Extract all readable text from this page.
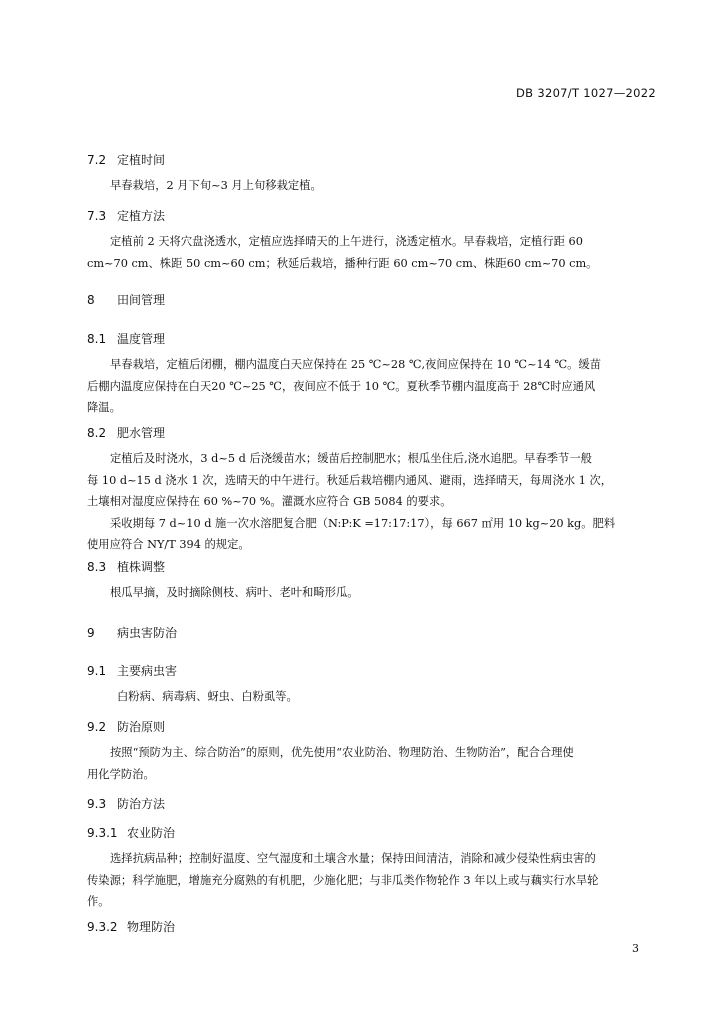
DB 3207/T 1027—2022
7.2 定植时间
早春栽培，2 月下旬~3 月上旬移栽定植。
7.3 定植方法
定植前 2 天将穴盘浇透水，定植应选择晴天的上午进行，浇透定植水。早春栽培，定植行距 60
cm~70 cm、株距 50 cm~60 cm；秋延后栽培，播种行距 60 cm~70 cm、株距60 cm~70 cm。
8 田间管理
8.1 温度管理
早春栽培，定植后闭棚，棚内温度白天应保持在 25 ℃~28 ℃,夜间应保持在 10 ℃~14 ℃。缓苗
后棚内温度应保持在白天20 ℃~25 ℃，夜间应不低于 10 ℃。夏秋季节棚内温度高于 28℃时应通风
降温。
8.2 肥水管理
定植后及时浇水，3 d~5 d 后浇缓苗水；缓苗后控制肥水；根瓜坐住后,浇水追肥。早春季节一般
每 10 d~15 d 浇水 1 次，选晴天的中午进行。秋延后栽培棚内通风、避雨，选择晴天，每周浇水 1 次，
土壤相对湿度应保持在 60 %~70 %。灌溉水应符合 GB 5084 的要求。
采收期每 7 d~10 d 施一次水溶肥复合肥（N:P:K =17:17:17），每 667 ㎡用 10 kg~20 kg。肥料
使用应符合 NY/T 394 的规定。
8.3 植株调整
根瓜早摘，及时摘除侧枝、病叶、老叶和畸形瓜。
9 病虫害防治
9.1 主要病虫害
白粉病、病毒病、蚜虫、白粉虱等。
9.2 防治原则
按照“预防为主、综合防治”的原则，优先使用“农业防治、物理防治、生物防治”，配合合理使
用化学防治。
9.3 防治方法
9.3.1 农业防治
选择抗病品种；控制好温度、空气湿度和土壤含水量；保持田间清洁，消除和减少侵染性病虫害的
传染源；科学施肥，增施充分腐熟的有机肥，少施化肥；与非瓜类作物轮作 3 年以上或与藕实行水旱轮
作。
9.3.2 物理防治
3
